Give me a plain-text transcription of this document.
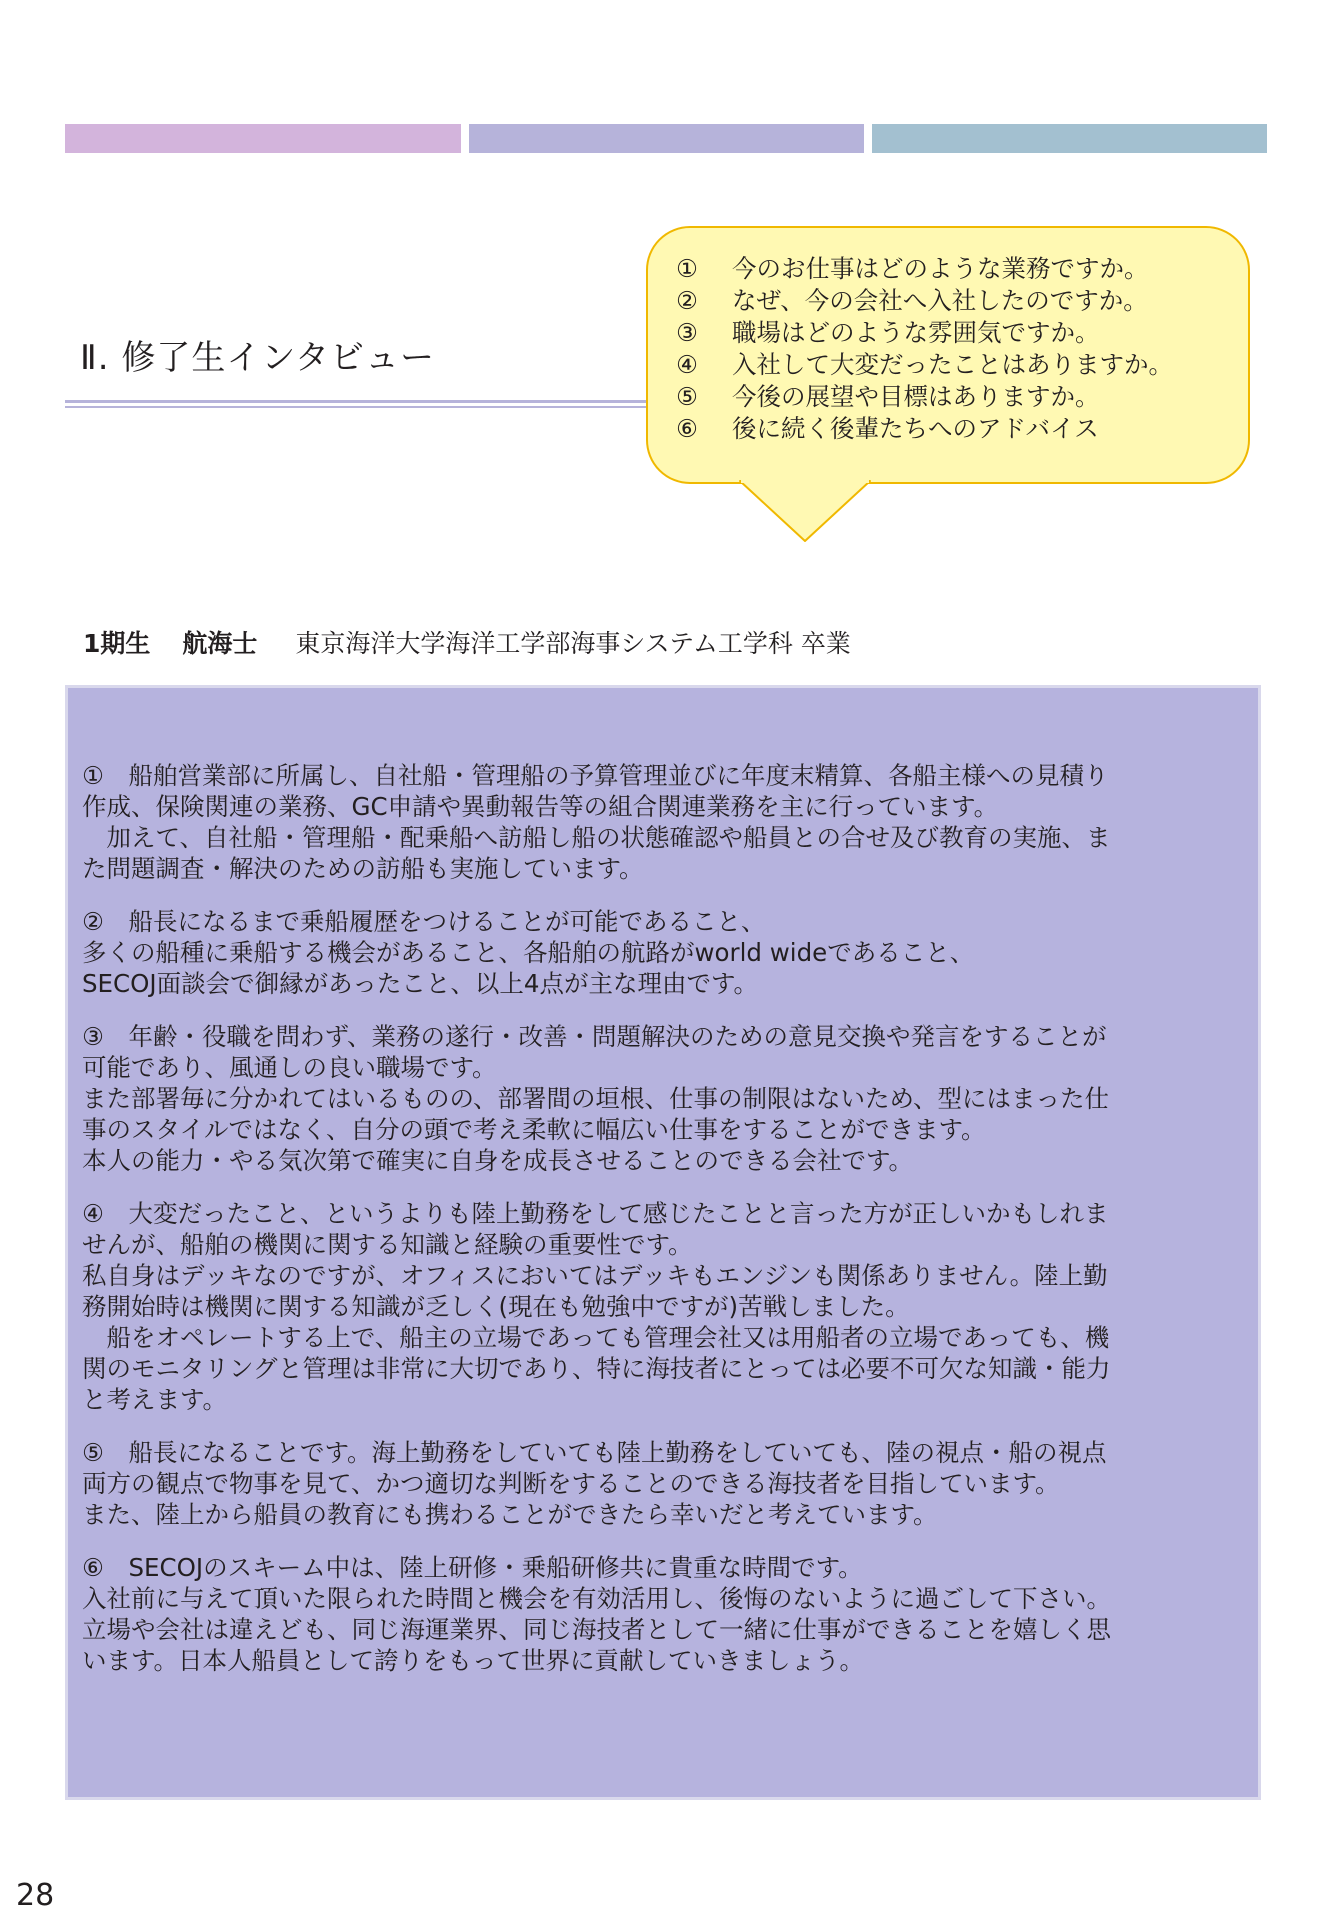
Ⅱ. 修了生インタビュー
① 今のお仕事はどのような業務ですか。
② なぜ、今の会社へ入社したのですか。
③ 職場はどのような雰囲気ですか。
④ 入社して大変だったことはありますか。
⑤ 今後の展望や目標はありますか。
⑥ 後に続く後輩たちへのアドバイス
1期生 航海士 東京海洋大学海洋工学部海事システム工学科 卒業

①　船舶営業部に所属し、自社船・管理船の予算管理並びに年度末精算、各船主様への見積り

作成、保険関連の業務、GC申請や異動報告等の組合関連業務を主に行っています。

　加えて、自社船・管理船・配乗船へ訪船し船の状態確認や船員との合せ及び教育の実施、ま

た問題調査・解決のための訪船も実施しています。

②　船長になるまで乗船履歴をつけることが可能であること、

多くの船種に乗船する機会があること、各船舶の航路がworld wideであること、

SECOJ面談会で御縁があったこと、以上4点が主な理由です。

③　年齢・役職を問わず、業務の遂行・改善・問題解決のための意見交換や発言をすることが

可能であり、風通しの良い職場です。

また部署毎に分かれてはいるものの、部署間の垣根、仕事の制限はないため、型にはまった仕

事のスタイルではなく、自分の頭で考え柔軟に幅広い仕事をすることができます。

本人の能力・やる気次第で確実に自身を成長させることのできる会社です。

④　大変だったこと、というよりも陸上勤務をして感じたことと言った方が正しいかもしれま

せんが、船舶の機関に関する知識と経験の重要性です。

私自身はデッキなのですが、オフィスにおいてはデッキもエンジンも関係ありません。陸上勤

務開始時は機関に関する知識が乏しく(現在も勉強中ですが)苦戦しました。

　船をオペレートする上で、船主の立場であっても管理会社又は用船者の立場であっても、機

関のモニタリングと管理は非常に大切であり、特に海技者にとっては必要不可欠な知識・能力

と考えます。

⑤　船長になることです。海上勤務をしていても陸上勤務をしていても、陸の視点・船の視点

両方の観点で物事を見て、かつ適切な判断をすることのできる海技者を目指しています。

また、陸上から船員の教育にも携わることができたら幸いだと考えています。

⑥　SECOJのスキーム中は、陸上研修・乗船研修共に貴重な時間です。

入社前に与えて頂いた限られた時間と機会を有効活用し、後悔のないように過ごして下さい。

立場や会社は違えども、同じ海運業界、同じ海技者として一緒に仕事ができることを嬉しく思

います。日本人船員として誇りをもって世界に貢献していきましょう。

28
